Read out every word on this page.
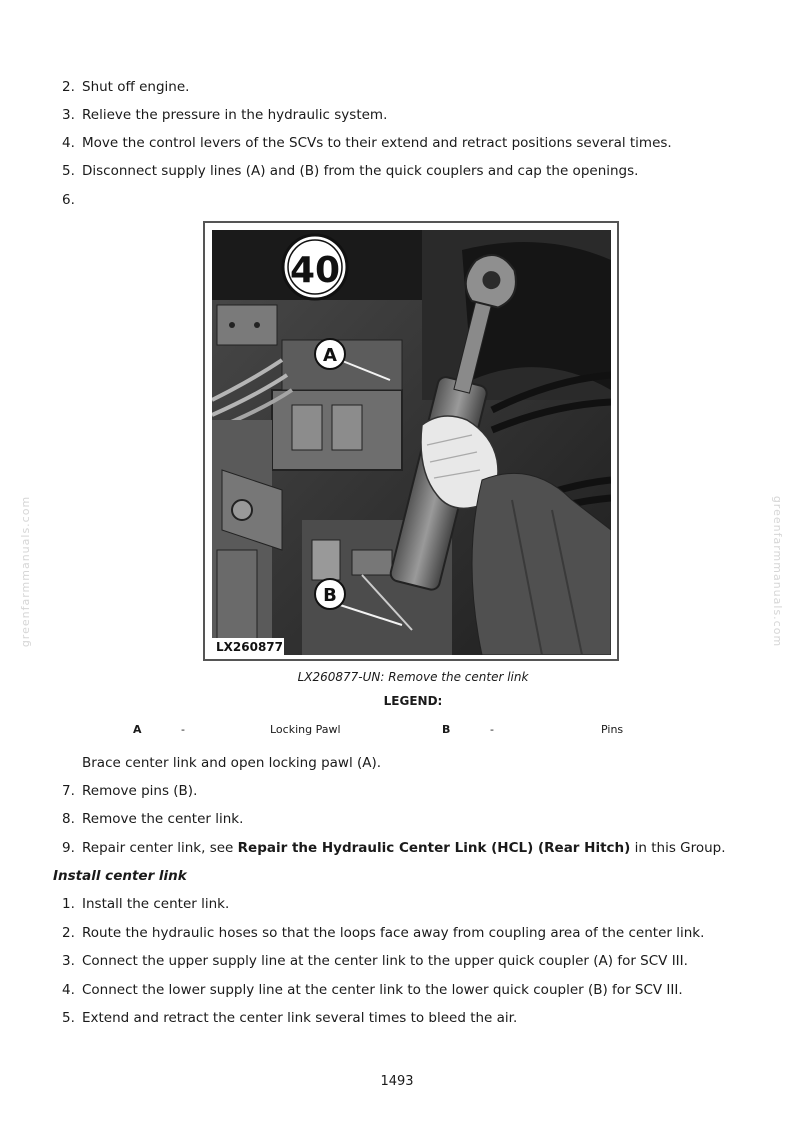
2. Shut off engine.
3. Relieve the pressure in the hydraulic system.
4. Move the control levers of the SCVs to their extend and retract positions several times.
5. Disconnect supply lines (A) and (B) from the quick couplers and cap the openings.
6.
40
A
B
LX260877
LX260877-UN: Remove the center link
LEGEND:
A	-	Locking Pawl	B	-	Pins
Brace center link and open locking pawl (A).
7. Remove pins (B).
8. Remove the center link.
9. Repair center link, see Repair the Hydraulic Center Link (HCL) (Rear Hitch) in this Group.
Install center link
1. Install the center link.
2. Route the hydraulic hoses so that the loops face away from coupling area of the center link.
3. Connect the upper supply line at the center link to the upper quick coupler (A) for SCV III.
4. Connect the lower supply line at the center link to the lower quick coupler (B) for SCV III.
5. Extend and retract the center link several times to bleed the air.
greenfarmmanuals.com	greenfarmmanuals.com
1493
